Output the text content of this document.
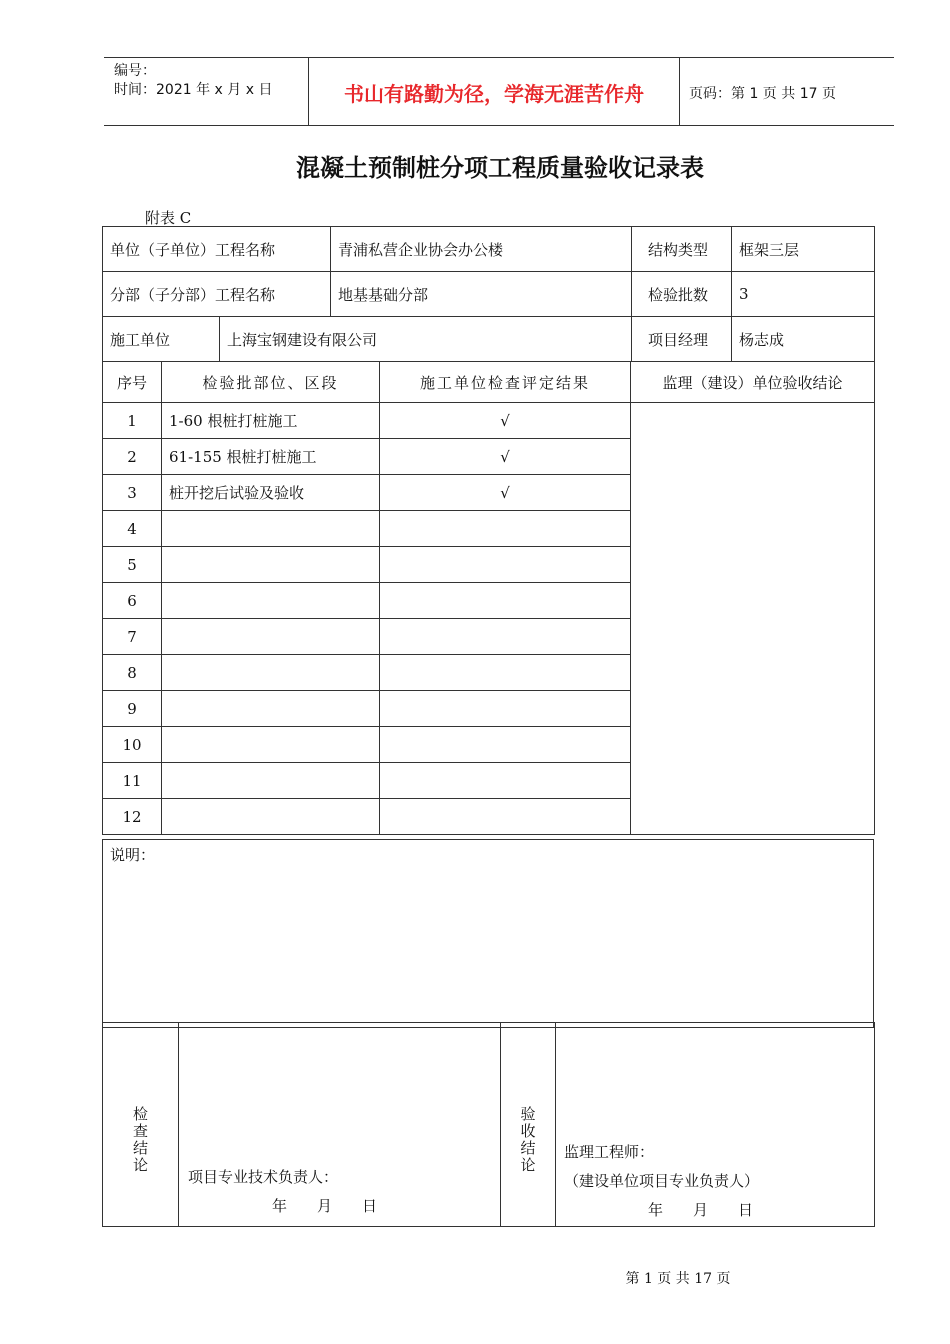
编号：
时间：2021 年 x 月 x 日	书山有路勤为径，学海无涯苦作舟	页码：第 1 页 共 17 页
混凝土预制桩分项工程质量验收记录表
附表 C
单位（子单位）工程名称		青浦私营企业协会办公楼	结构类型	框架三层
分部（子分部）工程名称		地基基础分部	检验批数	3
施工单位	上海宝钢建设有限公司		项目经理	杨志成
序号	检验批部位、区段	施工单位检查评定结果	监理（建设）单位验收结论
1	1-60 根桩打桩施工	√	
2	61-155 根桩打桩施工	√	
3	桩开挖后试验及验收	√	
4			
5			
6			
7			
8			
9			
10			
11			
12			
说明：
检查结论

项目专业技术负责人：
年　　月　　日

验收结论	监理工程师：
（建设单位项目专业负责人）
年　　月　　日
第 1 页 共 17 页
